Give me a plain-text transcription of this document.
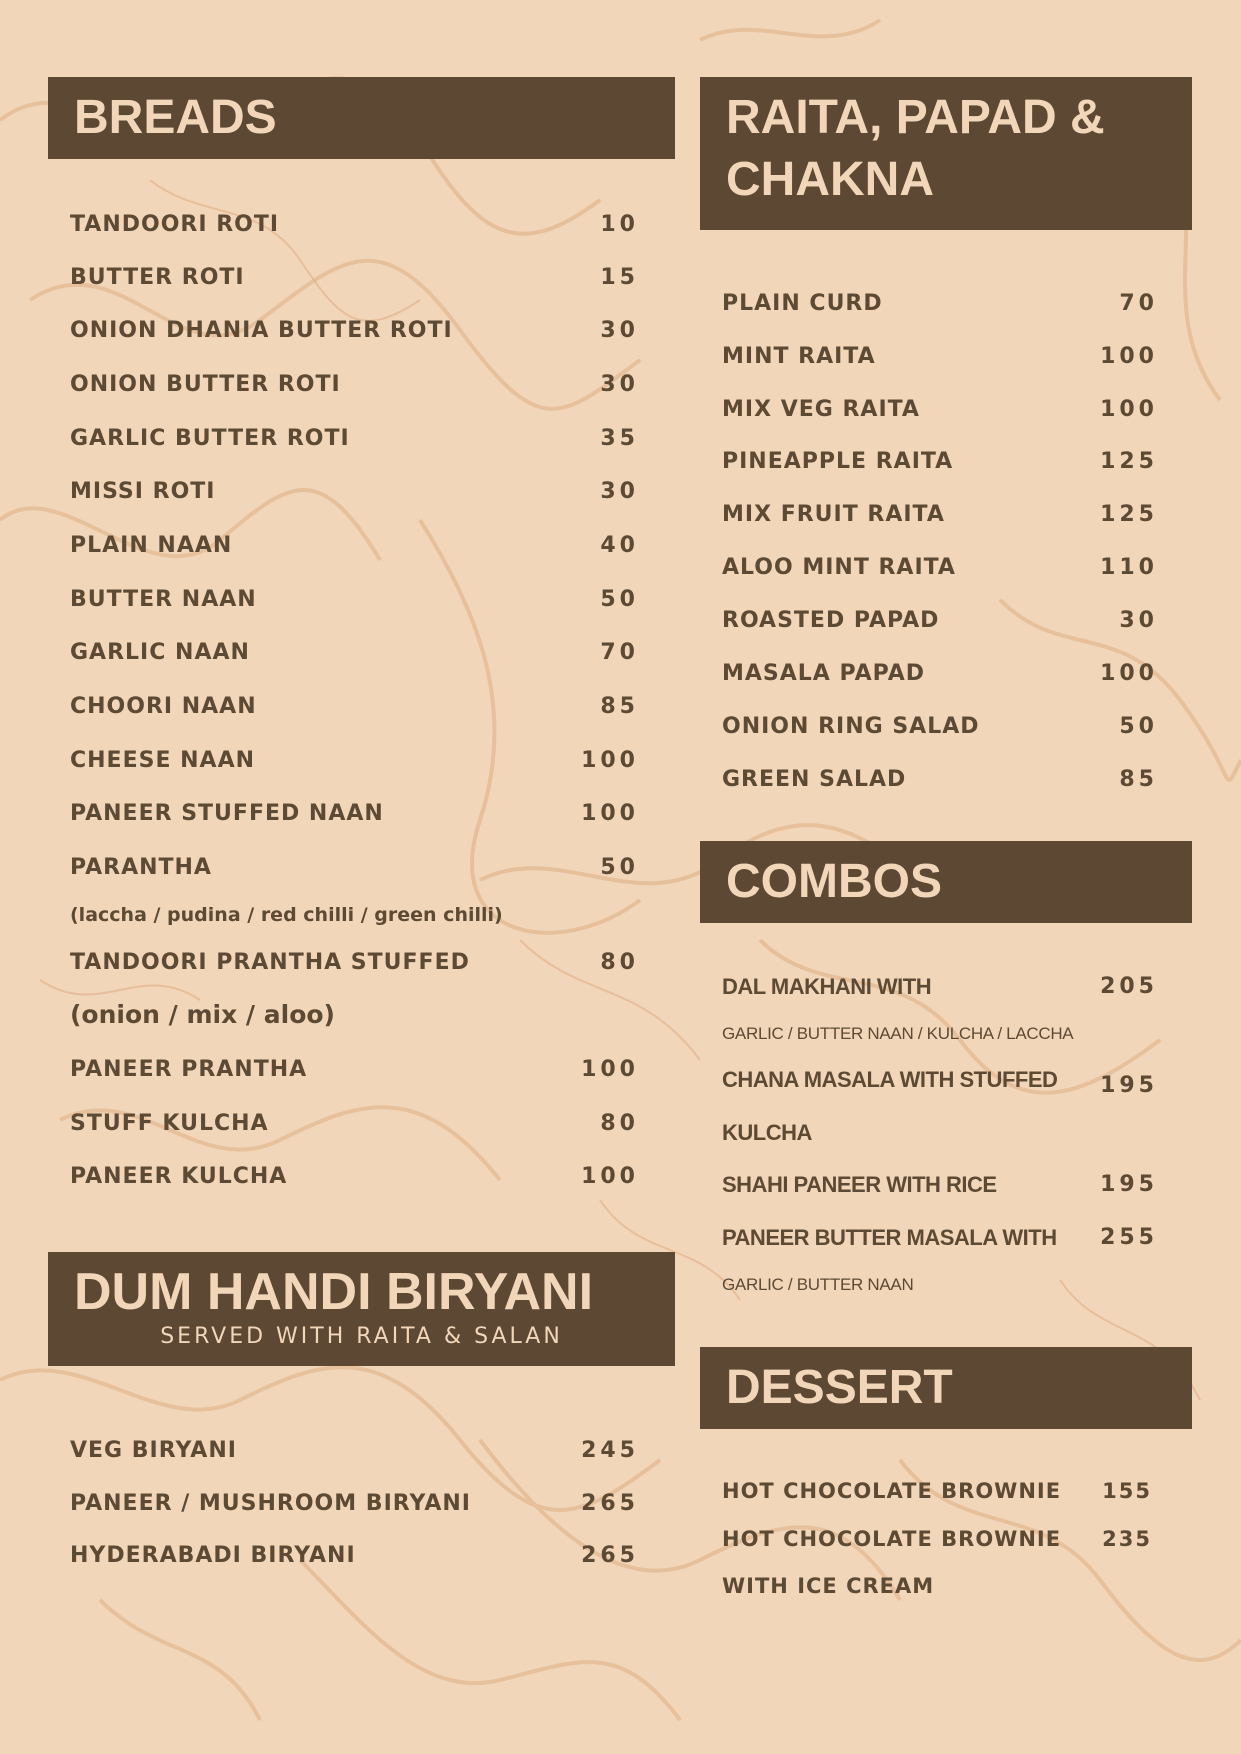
BREADS
TANDOORI ROTI	10
BUTTER ROTI	15
ONION DHANIA BUTTER ROTI	30
ONION BUTTER ROTI	30
GARLIC BUTTER ROTI	35
MISSI ROTI	30
PLAIN NAAN	40
BUTTER NAAN	50
GARLIC NAAN	70
CHOORI NAAN	85
CHEESE NAAN	100
PANEER STUFFED NAAN	100
PARANTHA	50
(laccha / pudina / red chilli / green chilli)
TANDOORI PRANTHA STUFFED	80
(onion / mix / aloo)
PANEER PRANTHA	100
STUFF KULCHA	80
PANEER KULCHA	100
DUM HANDI BIRYANI
SERVED WITH RAITA & SALAN
VEG BIRYANI	245
PANEER / MUSHROOM BIRYANI	265
HYDERABADI BIRYANI	265
RAITA, PAPAD &
CHAKNA
PLAIN CURD	70
MINT RAITA	100
MIX VEG RAITA	100
PINEAPPLE RAITA	125
MIX FRUIT RAITA	125
ALOO MINT RAITA	110
ROASTED PAPAD	30
MASALA PAPAD	100
ONION RING SALAD	50
GREEN SALAD	85
COMBOS
DAL MAKHANI WITH	205
GARLIC / BUTTER NAAN / KULCHA / LACCHA
CHANA MASALA WITH STUFFED 195
KULCHA
SHAHI PANEER WITH RICE	195
PANEER BUTTER MASALA WITH 255
GARLIC / BUTTER NAAN
DESSERT
HOT CHOCOLATE BROWNIE 155
HOT CHOCOLATE BROWNIE 235
WITH ICE CREAM
